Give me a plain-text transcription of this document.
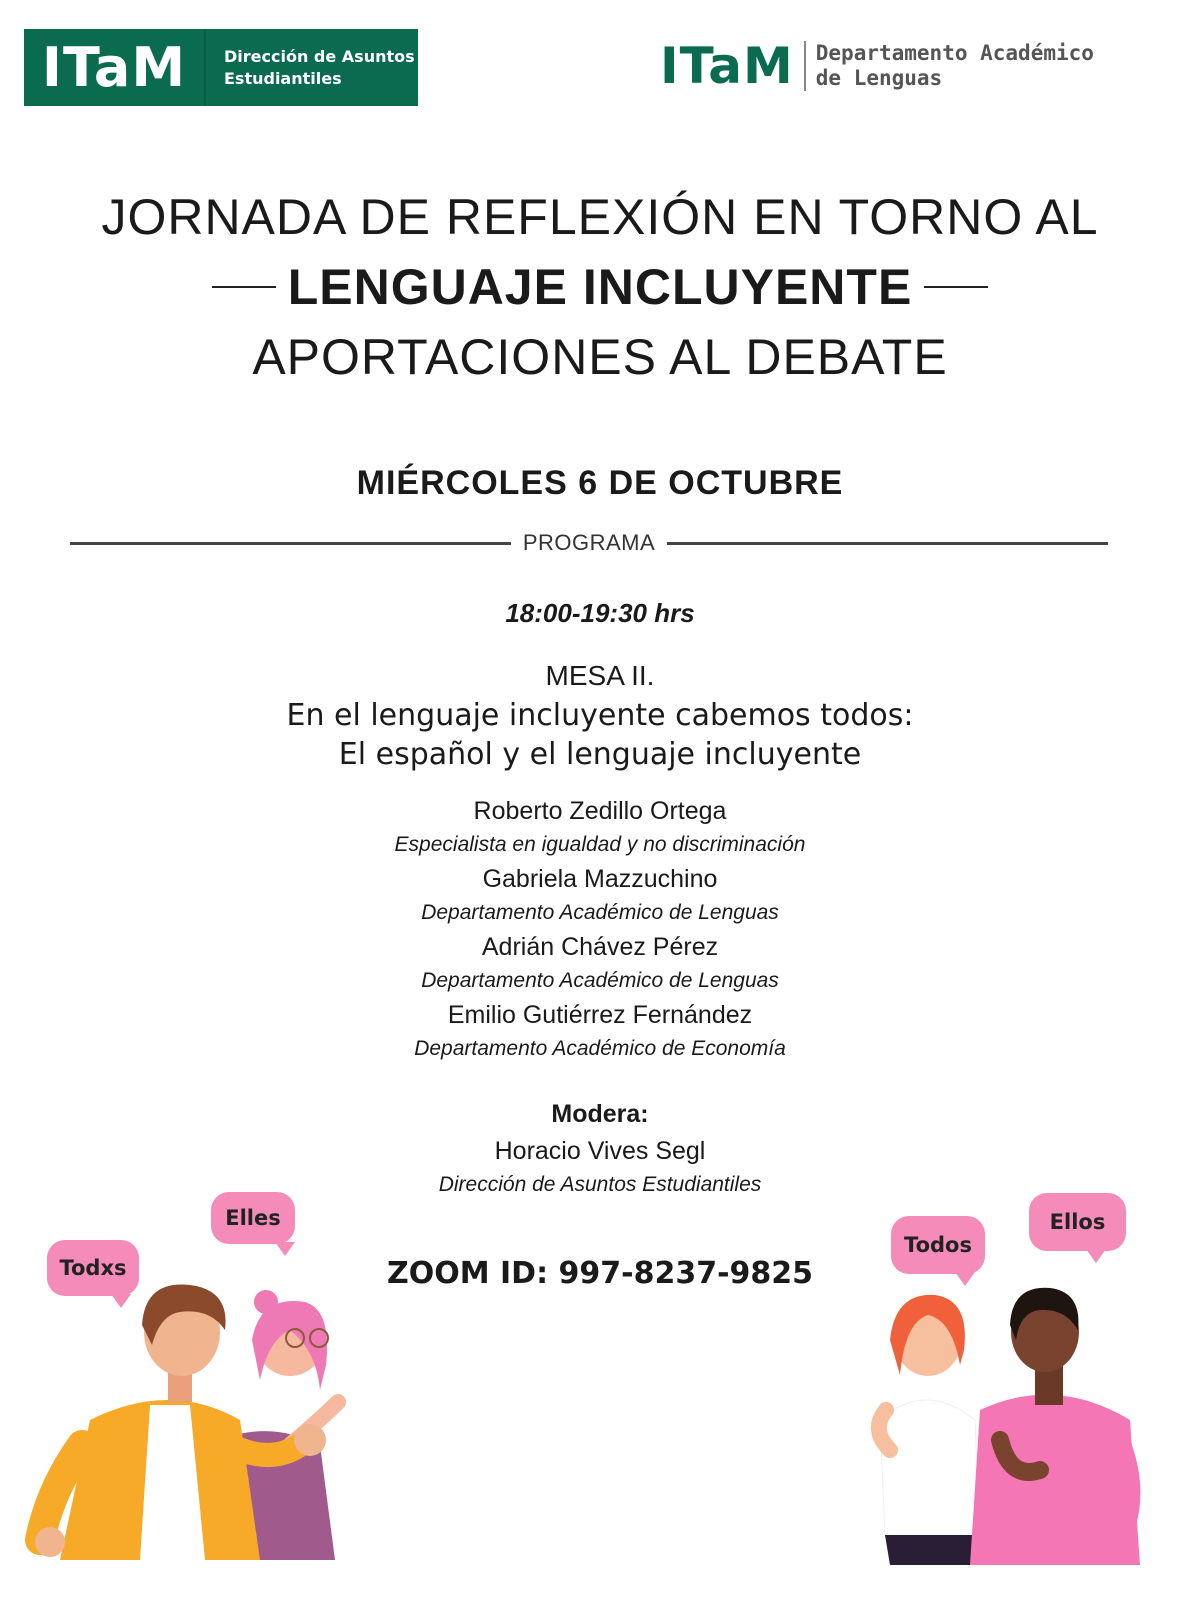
ITaM	Dirección de Asuntos
Estudiantiles	ITaM	Departamento Académico
de Lenguas
JORNADA DE REFLEXIÓN EN TORNO AL
LENGUAJE INCLUYENTE
APORTACIONES AL DEBATE
MIÉRCOLES 6 DE OCTUBRE
PROGRAMA
18:00-19:30 hrs
MESA II.
En el lenguaje incluyente cabemos todos:
El español y el lenguaje incluyente
Roberto Zedillo Ortega
Especialista en igualdad y no discriminación
Gabriela Mazzuchino
Departamento Académico de Lenguas
Adrián Chávez Pérez
Departamento Académico de Lenguas
Emilio Gutiérrez Fernández
Departamento Académico de Economía
Modera:
Horacio Vives Segl
Dirección de Asuntos Estudiantiles
ZOOM ID: 997-8237-9825
Todxs
Elles
Todos
Ellos
